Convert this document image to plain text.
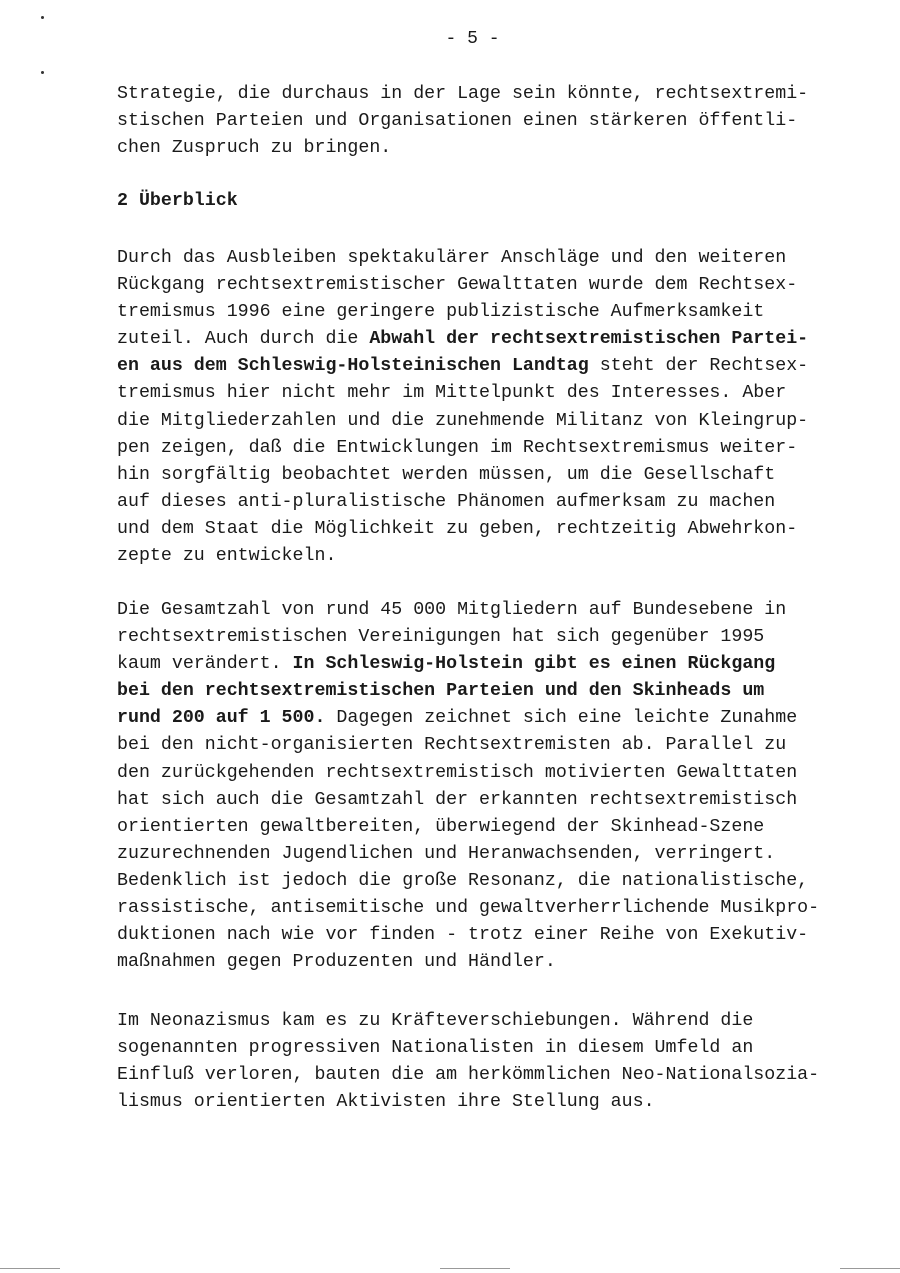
- 5 -
2 Überblick
Strategie, die durchaus in der Lage sein könnte, rechtsextremi-
stischen Parteien und Organisationen einen stärkeren öffentli-
chen Zuspruch zu bringen.
Durch das Ausbleiben spektakulärer Anschläge und den weiteren
Rückgang rechtsextremistischer Gewalttaten wurde dem Rechtsex-
tremismus 1996 eine geringere publizistische Aufmerksamkeit
zuteil. Auch durch die Abwahl der rechtsextremistischen Partei-
en aus dem Schleswig-Holsteinischen Landtag steht der Rechtsex-
tremismus hier nicht mehr im Mittelpunkt des Interesses. Aber
die Mitgliederzahlen und die zunehmende Militanz von Kleingrup-
pen zeigen, daß die Entwicklungen im Rechtsextremismus weiter-
hin sorgfältig beobachtet werden müssen, um die Gesellschaft
auf dieses anti-pluralistische Phänomen aufmerksam zu machen
und dem Staat die Möglichkeit zu geben, rechtzeitig Abwehrkon-
zepte zu entwickeln.
Die Gesamtzahl von rund 45 000 Mitgliedern auf Bundesebene in
rechtsextremistischen Vereinigungen hat sich gegenüber 1995
kaum verändert. In Schleswig-Holstein gibt es einen Rückgang
bei den rechtsextremistischen Parteien und den Skinheads um
rund 200 auf 1 500. Dagegen zeichnet sich eine leichte Zunahme
bei den nicht-organisierten Rechtsextremisten ab. Parallel zu
den zurückgehenden rechtsextremistisch motivierten Gewalttaten
hat sich auch die Gesamtzahl der erkannten rechtsextremistisch
orientierten gewaltbereiten, überwiegend der Skinhead-Szene
zuzurechnenden Jugendlichen und Heranwachsenden, verringert.
Bedenklich ist jedoch die große Resonanz, die nationalistische,
rassistische, antisemitische und gewaltverherrlichende Musikpro-
duktionen nach wie vor finden - trotz einer Reihe von Exekutiv-
maßnahmen gegen Produzenten und Händler.
Im Neonazismus kam es zu Kräfteverschiebungen. Während die
sogenannten progressiven Nationalisten in diesem Umfeld an
Einfluß verloren, bauten die am herkömmlichen Neo-Nationalsozia-
lismus orientierten Aktivisten ihre Stellung aus.
